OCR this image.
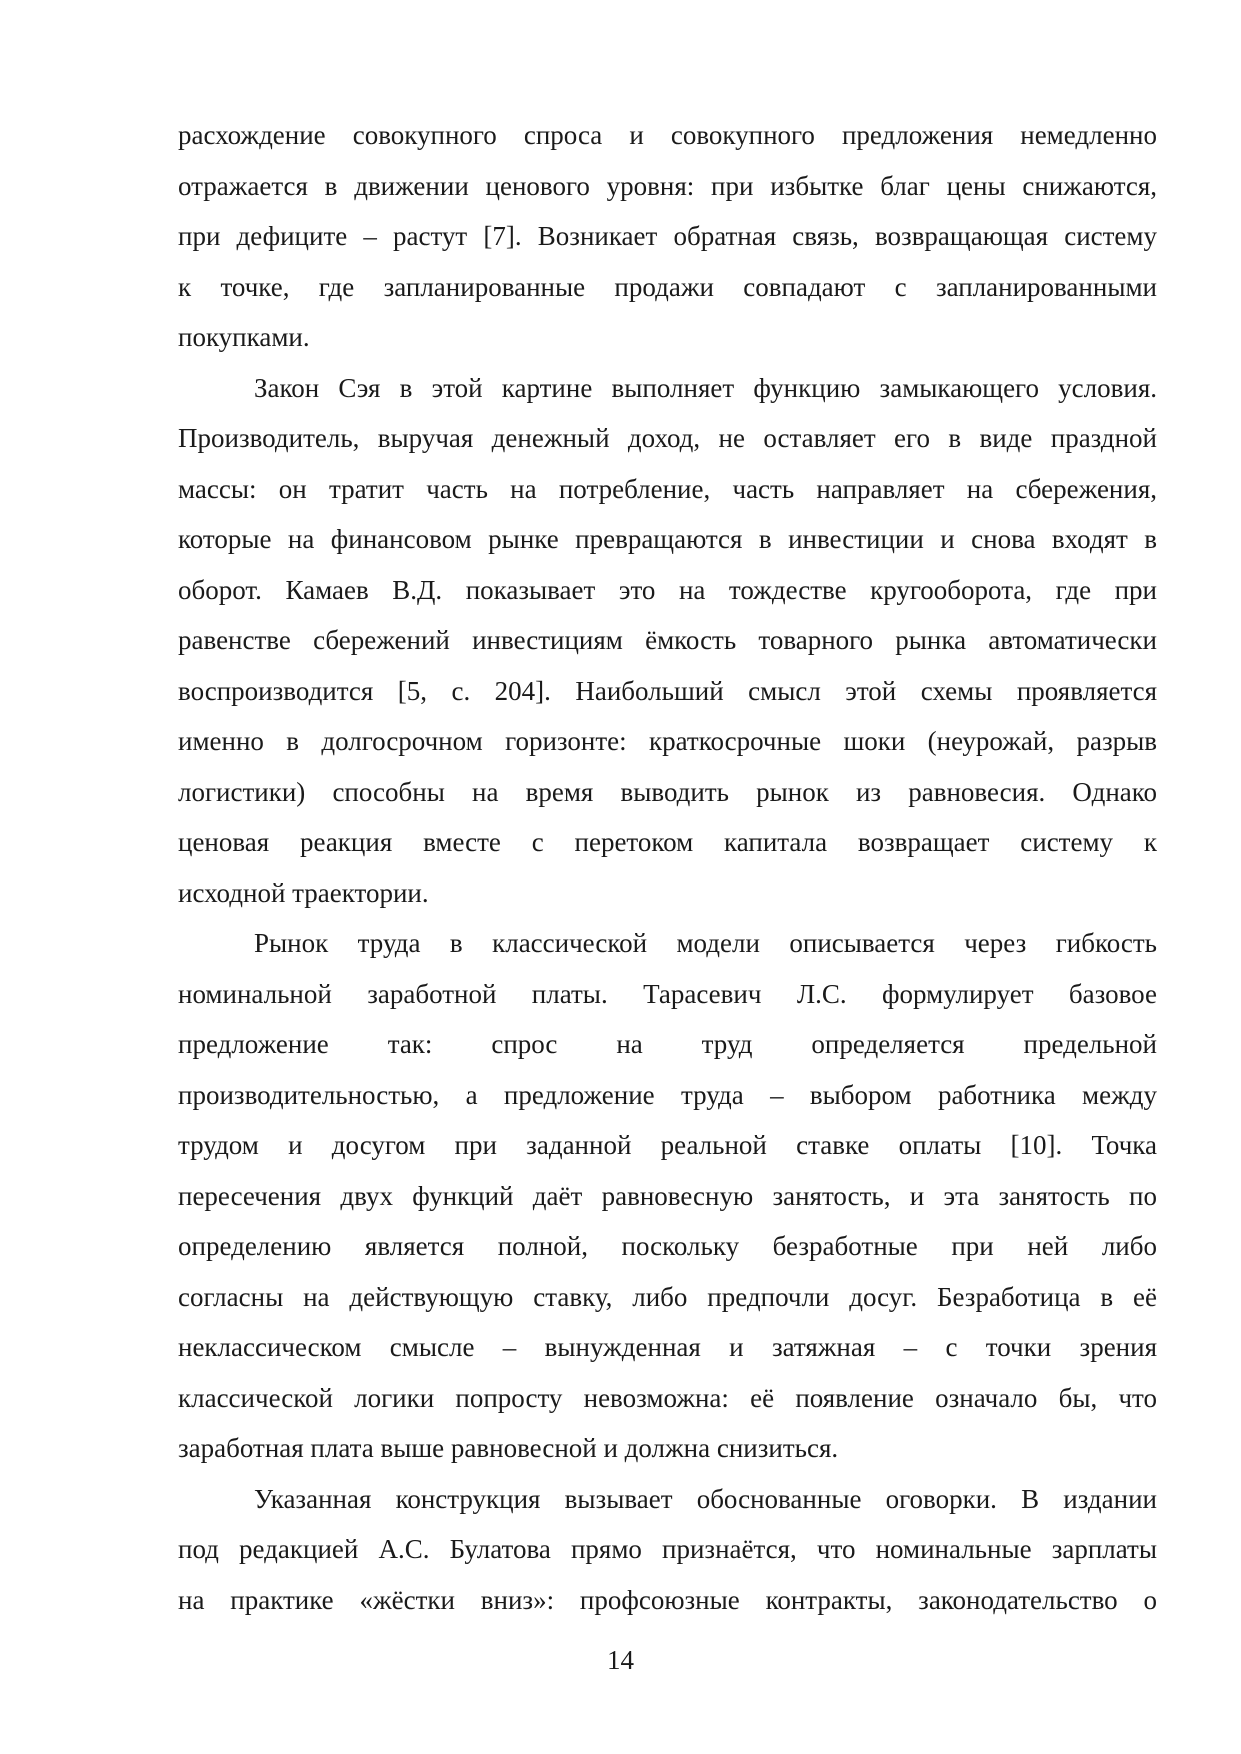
расхождение совокупного спроса и совокупного предложения немедленно
отражается в движении ценового уровня: при избытке благ цены снижаются,
при дефиците – растут [7]. Возникает обратная связь, возвращающая систему
к точке, где запланированные продажи совпадают с запланированными
покупками.
Закон Сэя в этой картине выполняет функцию замыкающего условия.
Производитель, выручая денежный доход, не оставляет его в виде праздной
массы: он тратит часть на потребление, часть направляет на сбережения,
которые на финансовом рынке превращаются в инвестиции и снова входят в
оборот. Камаев В.Д. показывает это на тождестве кругооборота, где при
равенстве сбережений инвестициям ёмкость товарного рынка автоматически
воспроизводится [5, с. 204]. Наибольший смысл этой схемы проявляется
именно в долгосрочном горизонте: краткосрочные шоки (неурожай, разрыв
логистики) способны на время выводить рынок из равновесия. Однако
ценовая реакция вместе с перетоком капитала возвращает систему к
исходной траектории.
Рынок труда в классической модели описывается через гибкость
номинальной заработной платы. Тарасевич Л.С. формулирует базовое
предложение так: спрос на труд определяется предельной
производительностью, а предложение труда – выбором работника между
трудом и досугом при заданной реальной ставке оплаты [10]. Точка
пересечения двух функций даёт равновесную занятость, и эта занятость по
определению является полной, поскольку безработные при ней либо
согласны на действующую ставку, либо предпочли досуг. Безработица в её
неклассическом смысле – вынужденная и затяжная – с точки зрения
классической логики попросту невозможна: её появление означало бы, что
заработная плата выше равновесной и должна снизиться.
Указанная конструкция вызывает обоснованные оговорки. В издании
под редакцией А.С. Булатова прямо признаётся, что номинальные зарплаты
на практике «жёстки вниз»: профсоюзные контракты, законодательство о
14
